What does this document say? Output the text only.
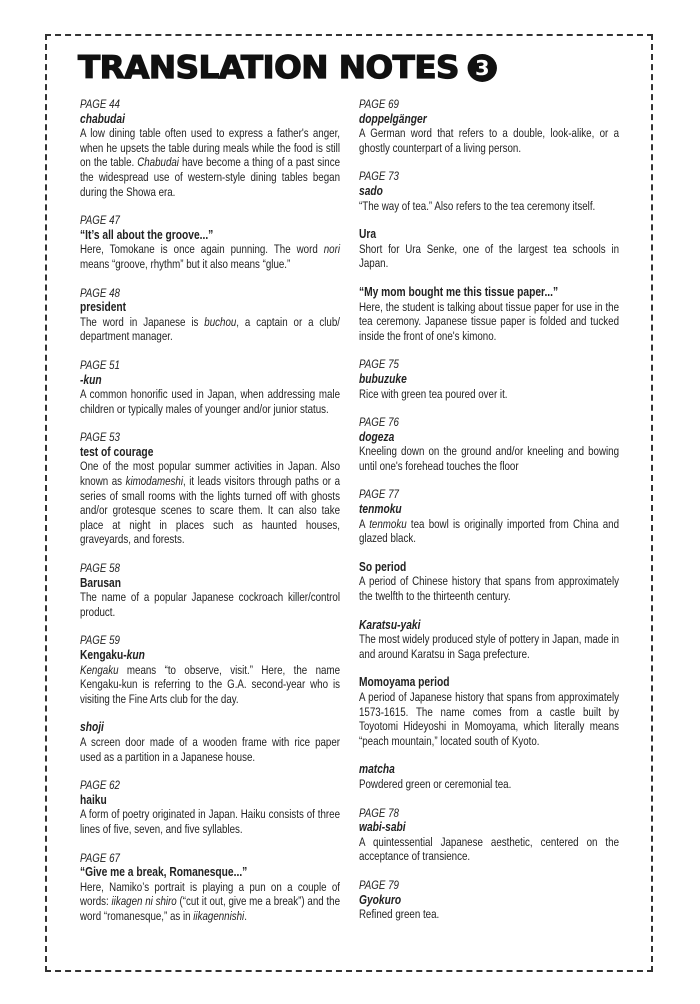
TRANSLATION NOTES 3
PAGE 44
chabudai
A low dining table often used to express a father's anger, when he upsets the table during meals while the food is still on the table. Chabudai have become a thing of a past since the widespread use of western-style dining tables began during the Showa era.
PAGE 47
“It’s all about the groove...”
Here, Tomokane is once again punning. The word nori means “groove, rhythm” but it also means “glue.”
PAGE 48
president
The word in Japanese is buchou, a captain or a club/ department manager.
PAGE 51
-kun
A common honorific used in Japan, when addressing male children or typically males of younger and/or junior status.
PAGE 53
test of courage
One of the most popular summer activities in Japan. Also known as kimodameshi, it leads visitors through paths or a series of small rooms with the lights turned off with ghosts and/or grotesque scenes to scare them. It can also take place at night in places such as haunted houses, graveyards, and forests.
PAGE 58
Barusan
The name of a popular Japanese cockroach killer/control product.
PAGE 59
Kengaku-kun
Kengaku means “to observe, visit.” Here, the name Kengaku-kun is referring to the G.A. second-year who is visiting the Fine Arts club for the day.
shoji
A screen door made of a wooden frame with rice paper used as a partition in a Japanese house.
PAGE 62
haiku
A form of poetry originated in Japan. Haiku consists of three lines of five, seven, and five syllables.
PAGE 67
“Give me a break, Romanesque...”
Here, Namiko’s portrait is playing a pun on a couple of words: iikagen ni shiro (“cut it out, give me a break”) and the word “romanesque,” as in iikagennishi.
PAGE 69
doppelgänger
A German word that refers to a double, look-alike, or a ghostly counterpart of a living person.
PAGE 73
sado
“The way of tea.” Also refers to the tea ceremony itself.
Ura
Short for Ura Senke, one of the largest tea schools in Japan.
“My mom bought me this tissue paper...”
Here, the student is talking about tissue paper for use in the tea ceremony. Japanese tissue paper is folded and tucked inside the front of one's kimono.
PAGE 75
bubuzuke
Rice with green tea poured over it.
PAGE 76
dogeza
Kneeling down on the ground and/or kneeling and bowing until one's forehead touches the floor
PAGE 77
tenmoku
A tenmoku tea bowl is originally imported from China and glazed black.
So period
A period of Chinese history that spans from approximately the twelfth to the thirteenth century.
Karatsu-yaki
The most widely produced style of pottery in Japan, made in and around Karatsu in Saga prefecture.
Momoyama period
A period of Japanese history that spans from approximately 1573-1615. The name comes from a castle built by Toyotomi Hideyoshi in Momoyama, which literally means “peach mountain,” located south of Kyoto.
matcha
Powdered green or ceremonial tea.
PAGE 78
wabi-sabi
A quintessential Japanese aesthetic, centered on the acceptance of transience.
PAGE 79
Gyokuro
Refined green tea.
